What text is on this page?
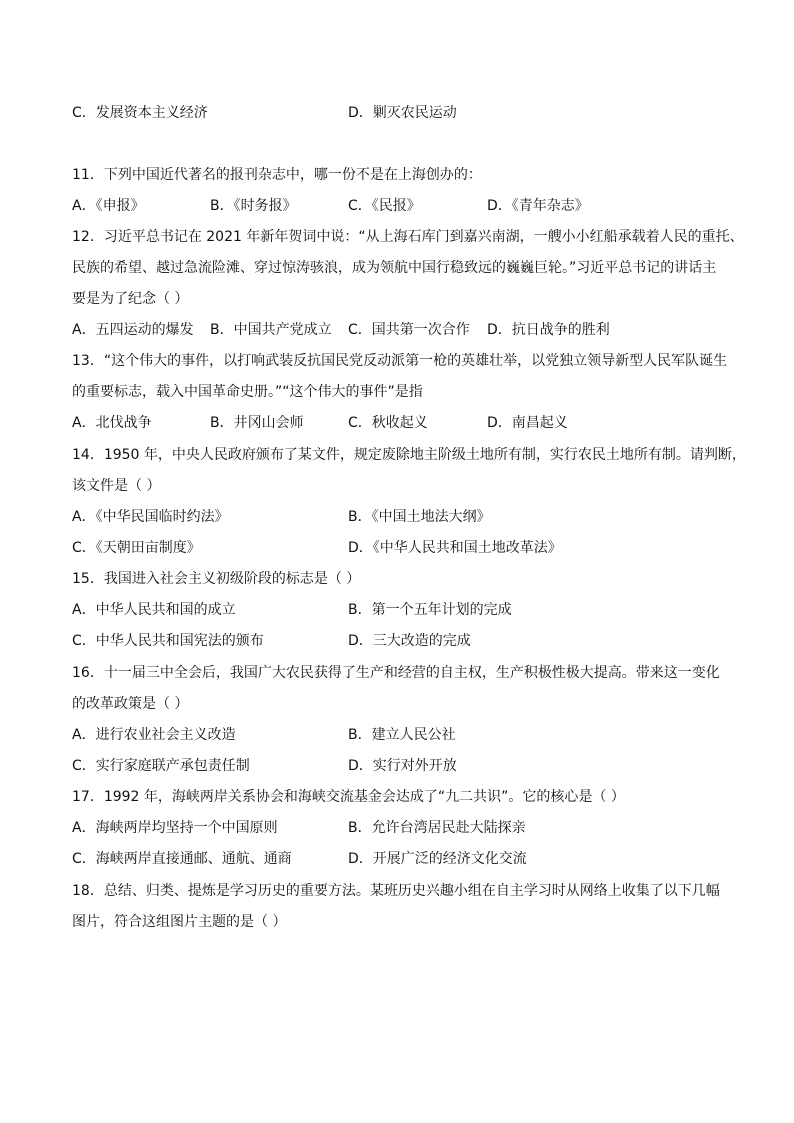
C．发展资本主义经济	D．剿灭农民运动
11．下列中国近代著名的报刊杂志中，哪一份不是在上海创办的：
A．《申报》	B．《时务报》	C．《民报》	D．《青年杂志》
12．习近平总书记在 2021 年新年贺词中说：“从上海石库门到嘉兴南湖，一艘小小红船承载着人民的重托、
民族的希望、越过急流险滩、穿过惊涛骇浪，成为领航中国行稳致远的巍巍巨轮。”习近平总书记的讲话主
要是为了纪念（ ）
A．五四运动的爆发 B．中国共产党成立 C．国共第一次合作 D．抗日战争的胜利
13．“这个伟大的事件，以打响武装反抗国民党反动派第一枪的英雄壮举，以党独立领导新型人民军队诞生
的重要标志，载入中国革命史册。”“这个伟大的事件”是指
A．北伐战争	B．井冈山会师	C．秋收起义	D．南昌起义
14．1950 年，中央人民政府颁布了某文件，规定废除地主阶级土地所有制，实行农民土地所有制。请判断，
该文件是（ ）
A．《中华民国临时约法》	B．《中国土地法大纲》
C．《天朝田亩制度》	D．《中华人民共和国土地改革法》
15．我国进入社会主义初级阶段的标志是（ ）
A．中华人民共和国的成立	B．第一个五年计划的完成
C．中华人民共和国宪法的颁布	D．三大改造的完成
16．十一届三中全会后，我国广大农民获得了生产和经营的自主权，生产积极性极大提高。带来这一变化
的改革政策是（ ）
A．进行农业社会主义改造	B．建立人民公社
C．实行家庭联产承包责任制	D．实行对外开放
17．1992 年，海峡两岸关系协会和海峡交流基金会达成了“九二共识”。它的核心是（ ）
A．海峡两岸均坚持一个中国原则	B．允许台湾居民赴大陆探亲
C．海峡两岸直接通邮、通航、通商	D．开展广泛的经济文化交流
18．总结、归类、提炼是学习历史的重要方法。某班历史兴趣小组在自主学习时从网络上收集了以下几幅
图片，符合这组图片主题的是（ ）
